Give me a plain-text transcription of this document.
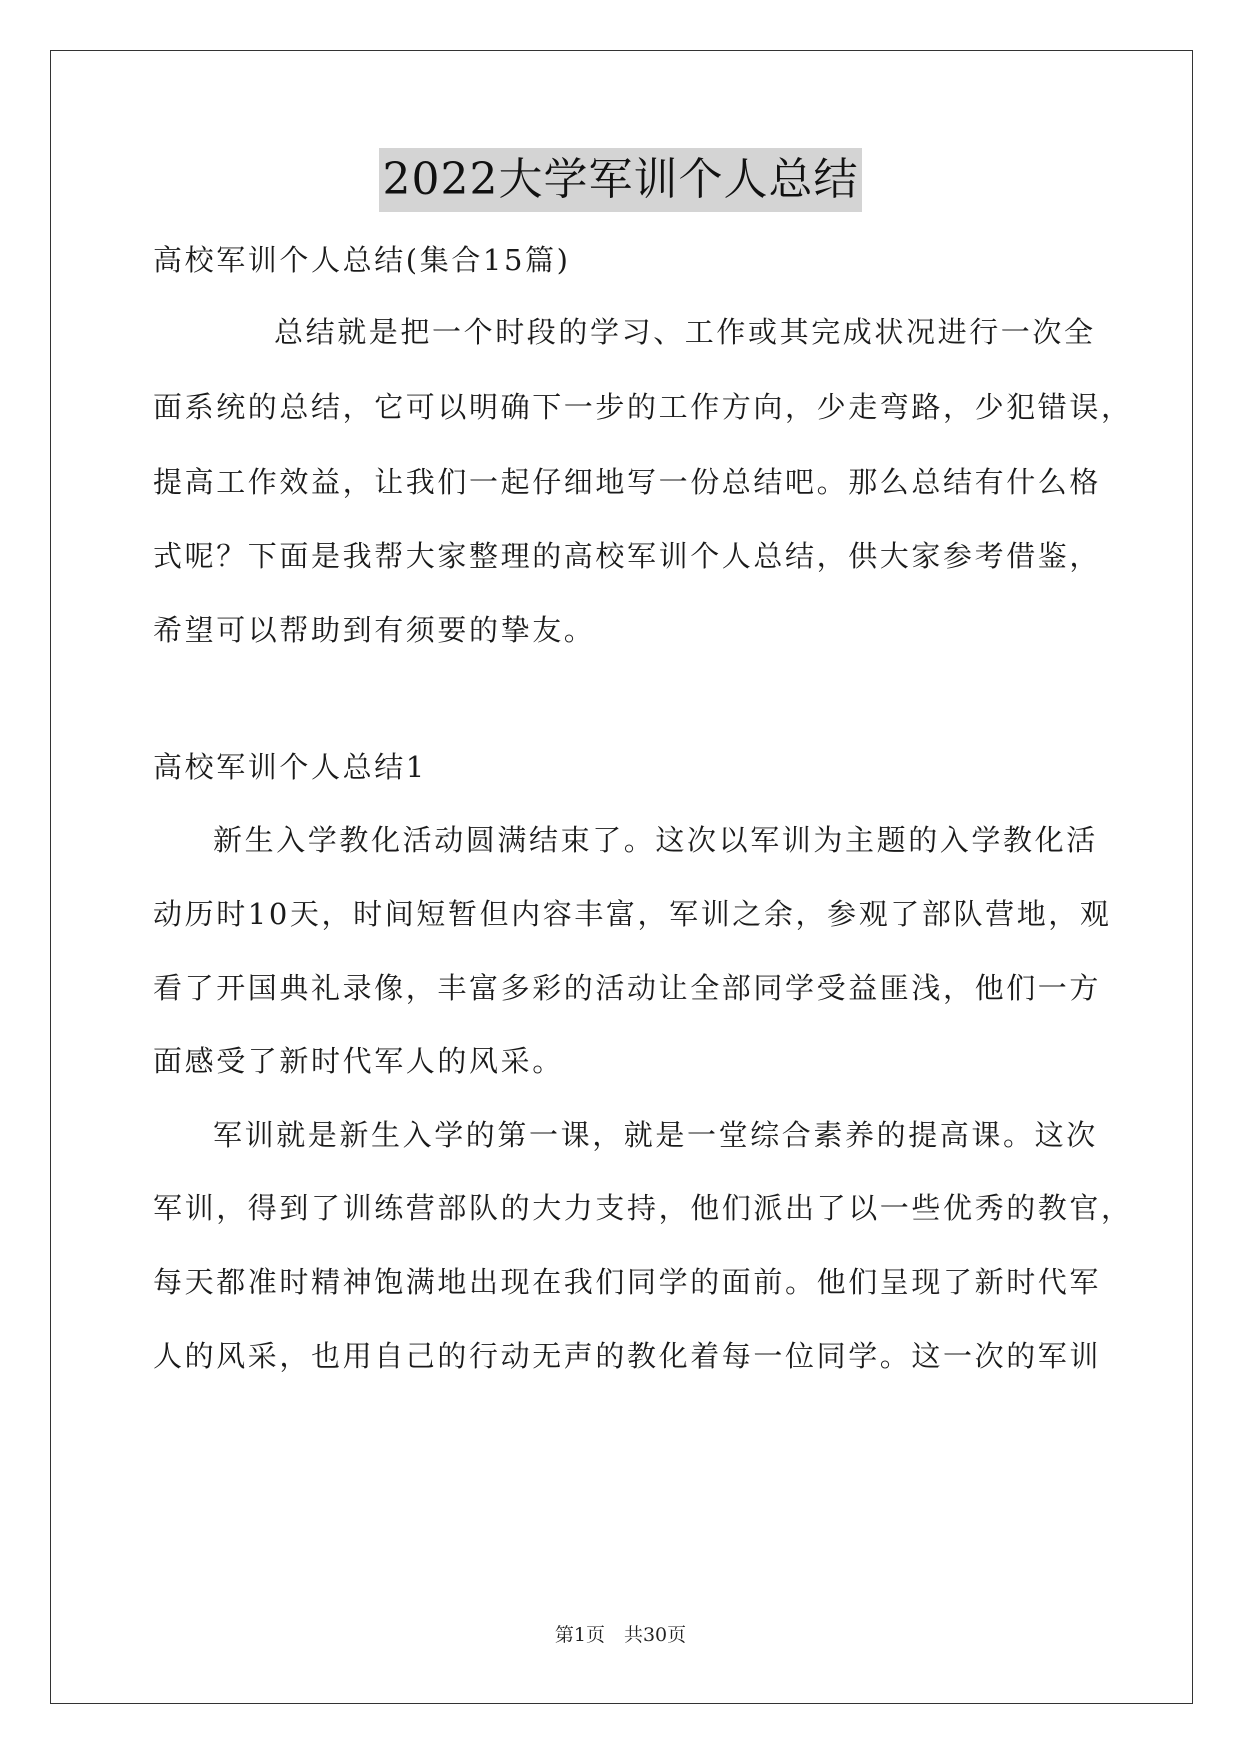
2022大学军训个人总结
高校军训个人总结(集合15篇)
总结就是把一个时段的学习、工作或其完成状况进行一次全
面系统的总结，它可以明确下一步的工作方向，少走弯路，少犯错误，
提高工作效益，让我们一起仔细地写一份总结吧。那么总结有什么格
式呢？下面是我帮大家整理的高校军训个人总结，供大家参考借鉴，
希望可以帮助到有须要的挚友。
高校军训个人总结1
新生入学教化活动圆满结束了。这次以军训为主题的入学教化活
动历时10天，时间短暂但内容丰富，军训之余，参观了部队营地，观
看了开国典礼录像，丰富多彩的活动让全部同学受益匪浅，他们一方
面感受了新时代军人的风采。
军训就是新生入学的第一课，就是一堂综合素养的提高课。这次
军训，得到了训练营部队的大力支持，他们派出了以一些优秀的教官，
每天都准时精神饱满地出现在我们同学的面前。他们呈现了新时代军
人的风采，也用自己的行动无声的教化着每一位同学。这一次的军训
第1页　共30页
